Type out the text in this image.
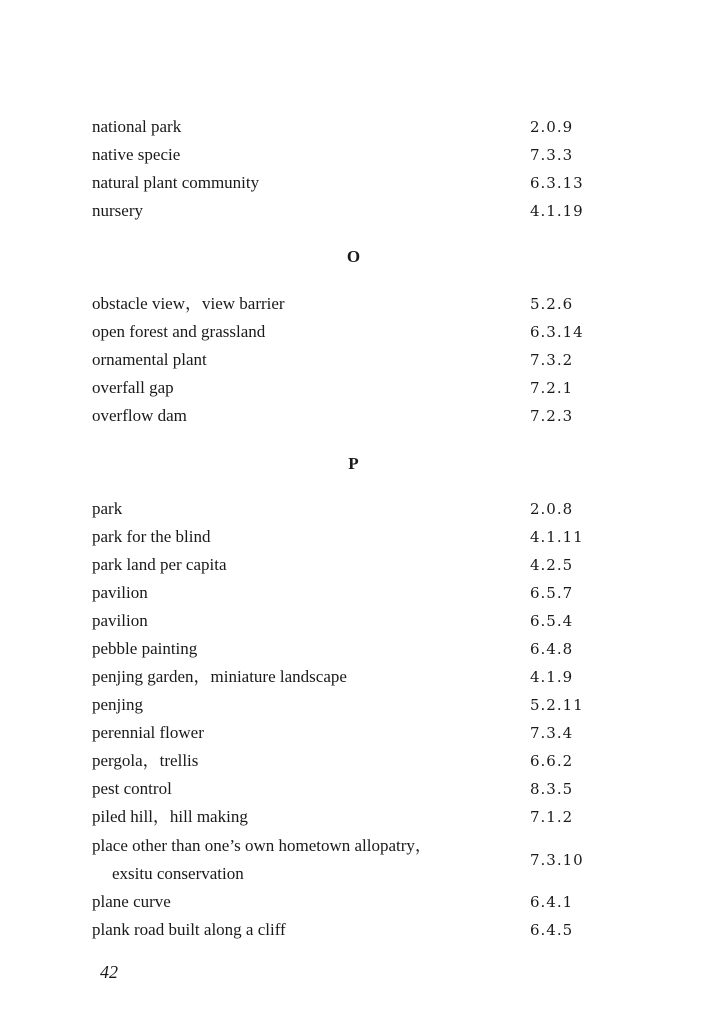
national park	2.0.9
native specie	7.3.3
natural plant community	6.3.13
nursery	4.1.19
O
obstacle view，view barrier	5.2.6
open forest and grassland	6.3.14
ornamental plant	7.3.2
overfall gap	7.2.1
overflow dam	7.2.3
P
park	2.0.8
park for the blind	4.1.11
park land per capita	4.2.5
pavilion	6.5.7
pavilion	6.5.4
pebble painting	6.4.8
penjing garden，miniature landscape	4.1.9
penjing	5.2.11
perennial flower	7.3.4
pergola，trellis	6.6.2
pest control	8.3.5
piled hill，hill making	7.1.2
place other than one’s own hometown allopatry，
exsitu conservation
7.3.10
plane curve	6.4.1
plank road built along a cliff	6.4.5
42
